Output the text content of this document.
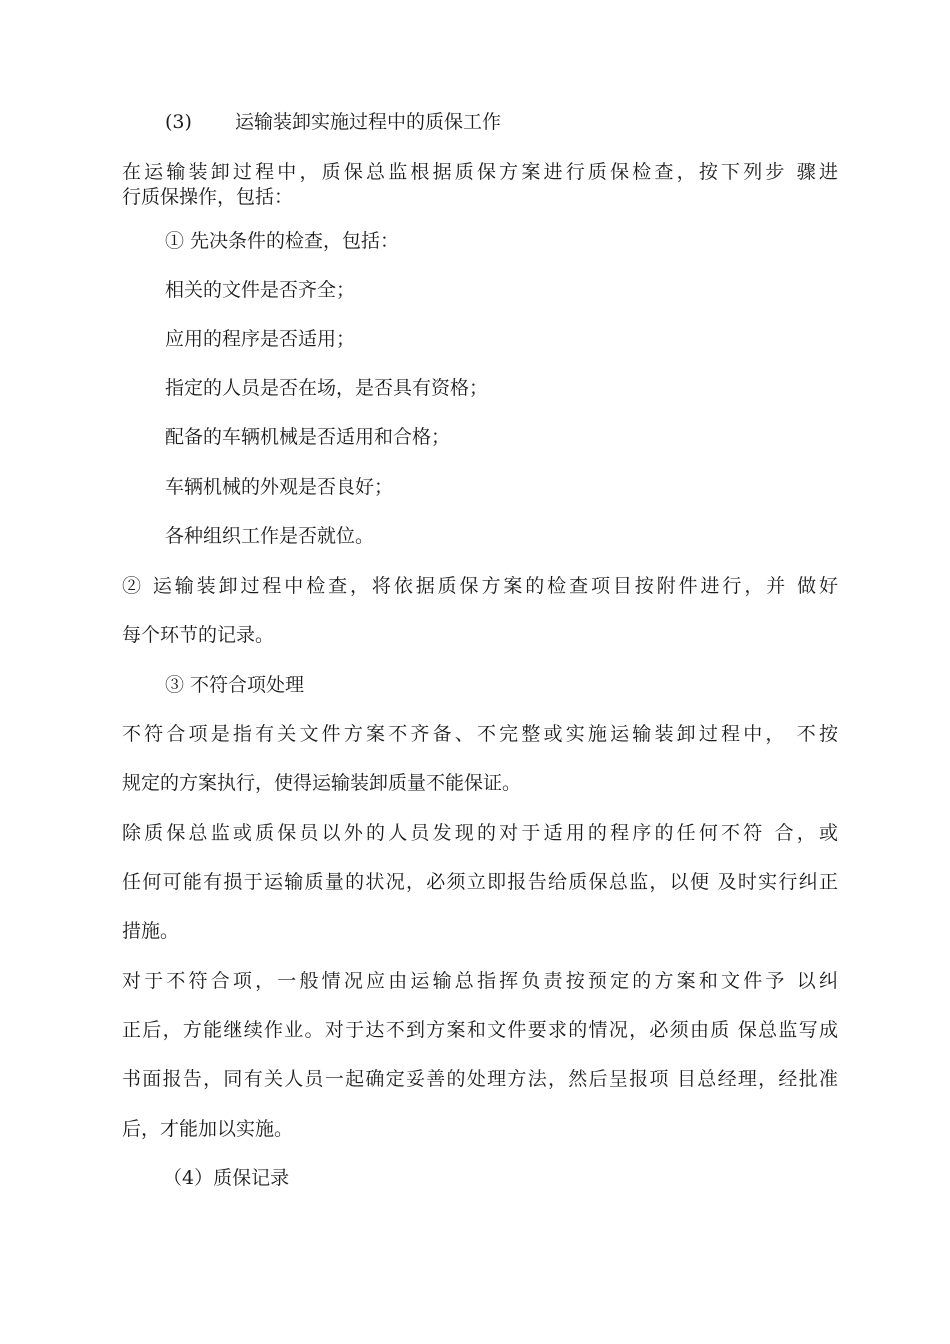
(3) 运输装卸实施过程中的质保工作
在运输装卸过程中，质保总监根据质保方案进行质保检查，按下列步 骤进
行质保操作，包括：
① 先决条件的检查，包括：
相关的文件是否齐全；
应用的程序是否适用；
指定的人员是否在场，是否具有资格；
配备的车辆机械是否适用和合格；
车辆机械的外观是否良好；
各种组织工作是否就位。
② 运输装卸过程中检查，将依据质保方案的检查项目按附件进行，并 做好
每个环节的记录。
③ 不符合项处理
不符合项是指有关文件方案不齐备、不完整或实施运输装卸过程中， 不按
规定的方案执行，使得运输装卸质量不能保证。
除质保总监或质保员以外的人员发现的对于适用的程序的任何不符 合，或
任何可能有损于运输质量的状况，必须立即报告给质保总监，以便 及时实行纠正
措施。
对于不符合项，一般情况应由运输总指挥负责按预定的方案和文件予 以纠
正后，方能继续作业。对于达不到方案和文件要求的情况，必须由质 保总监写成
书面报告，同有关人员一起确定妥善的处理方法，然后呈报项 目总经理，经批准
后，才能加以实施。
（4）质保记录
